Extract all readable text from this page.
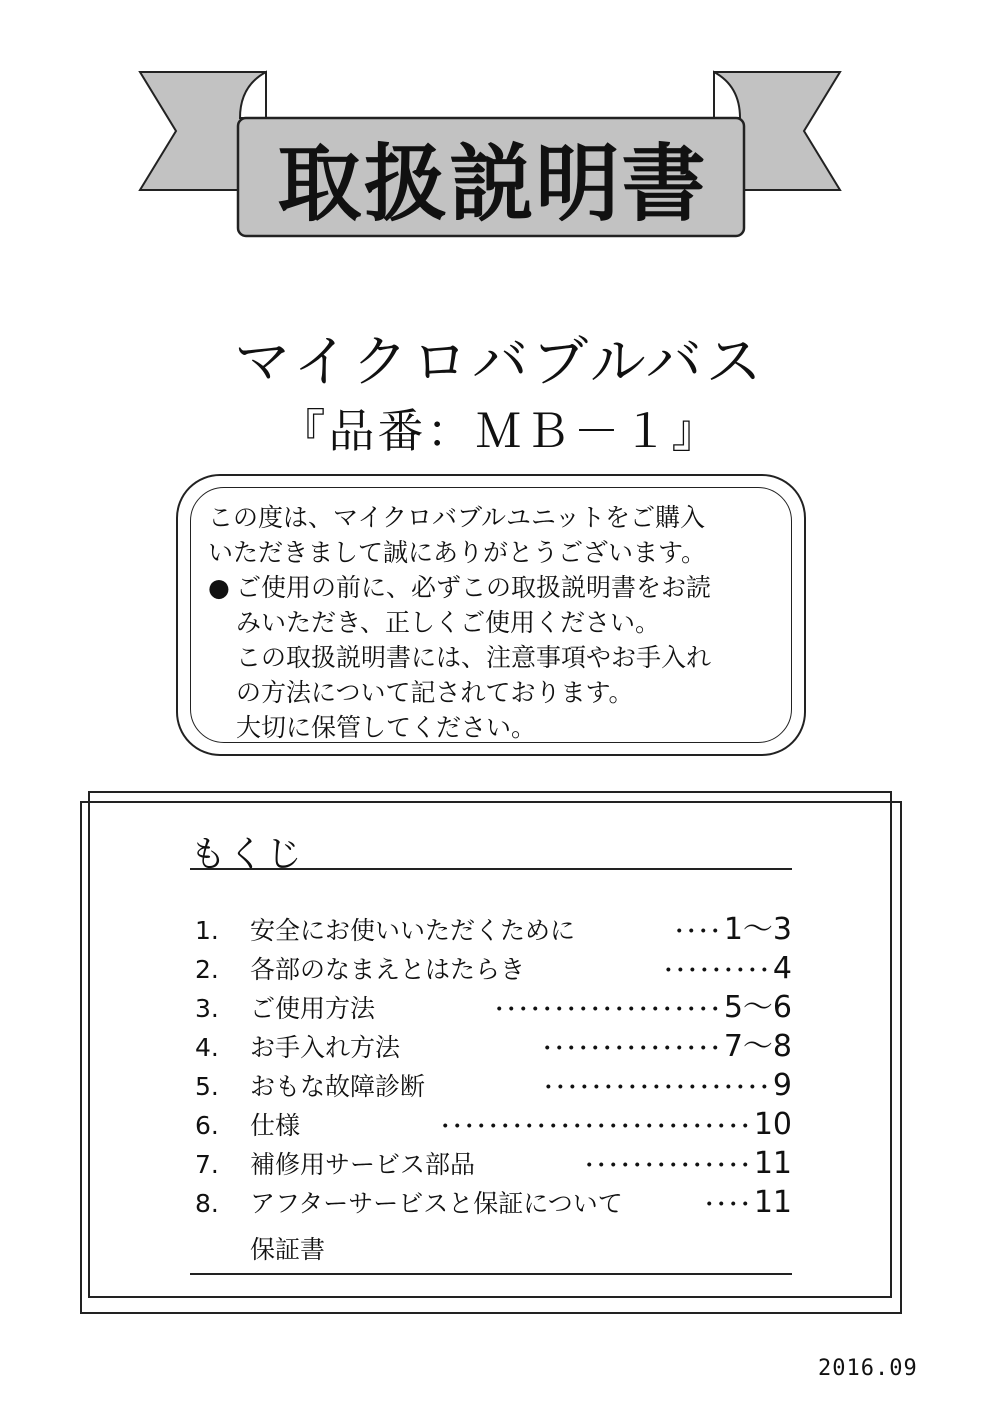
取扱説明書
マイクロバブルバス
『品番：ＭＢ－１』
この度は、マイクロバブルユニットをご購入
いただきまして誠にありがとうございます。
● ご使用の前に、必ずこの取扱説明書をお読
みいただき、正しくご使用ください。
この取扱説明書には、注意事項やお手入れ
の方法について記されております。
大切に保管してください。
もくじ
1.	安全にお使いいただくために	････ 1～3
2.	各部のなまえとはたらき	･････････ 4
3.	ご使用方法	･･･････････････････ 5～6
4.	お手入れ方法	･･･････････････ 7～8
5.	おもな故障診断	･･･････････････････ 9
6.	仕様	･･････････････････････････ 10
7.	補修用サービス部品	･･････････････ 11
8.	アフターサービスと保証について	････ 11
保証書
2016.09
